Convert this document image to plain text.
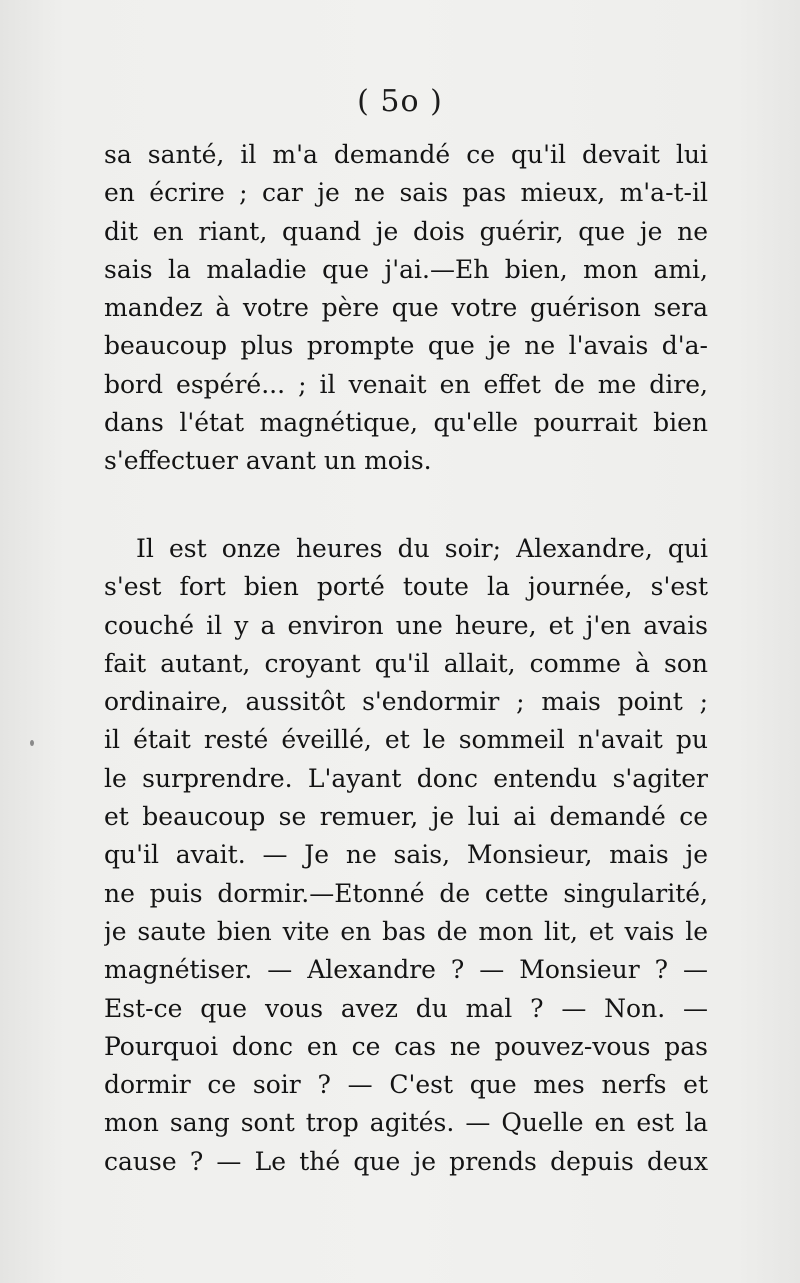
( 5o )
sa santé, il m'a demandé ce qu'il devait lui
en écrire ; car je ne sais pas mieux, m'a-t-il
dit en riant, quand je dois guérir, que je ne
sais la maladie que j'ai.—Eh bien, mon ami,
mandez à votre père que votre guérison sera
beaucoup plus prompte que je ne l'avais d'a-
bord espéré... ; il venait en effet de me dire,
dans l'état magnétique, qu'elle pourrait bien
s'effectuer avant un mois.
Il est onze heures du soir; Alexandre, qui
s'est fort bien porté toute la journée, s'est
couché il y a environ une heure, et j'en avais
fait autant, croyant qu'il allait, comme à son
ordinaire, aussitôt s'endormir ; mais point ;
il était resté éveillé, et le sommeil n'avait pu
le surprendre. L'ayant donc entendu s'agiter
et beaucoup se remuer, je lui ai demandé ce
qu'il avait. — Je ne sais, Monsieur, mais je
ne puis dormir.—Etonné de cette singularité,
je saute bien vite en bas de mon lit, et vais le
magnétiser. — Alexandre ? — Monsieur ? —
Est-ce que vous avez du mal ? — Non. —
Pourquoi donc en ce cas ne pouvez-vous pas
dormir ce soir ? — C'est que mes nerfs et
mon sang sont trop agités. — Quelle en est la
cause ? — Le thé que je prends depuis deux
